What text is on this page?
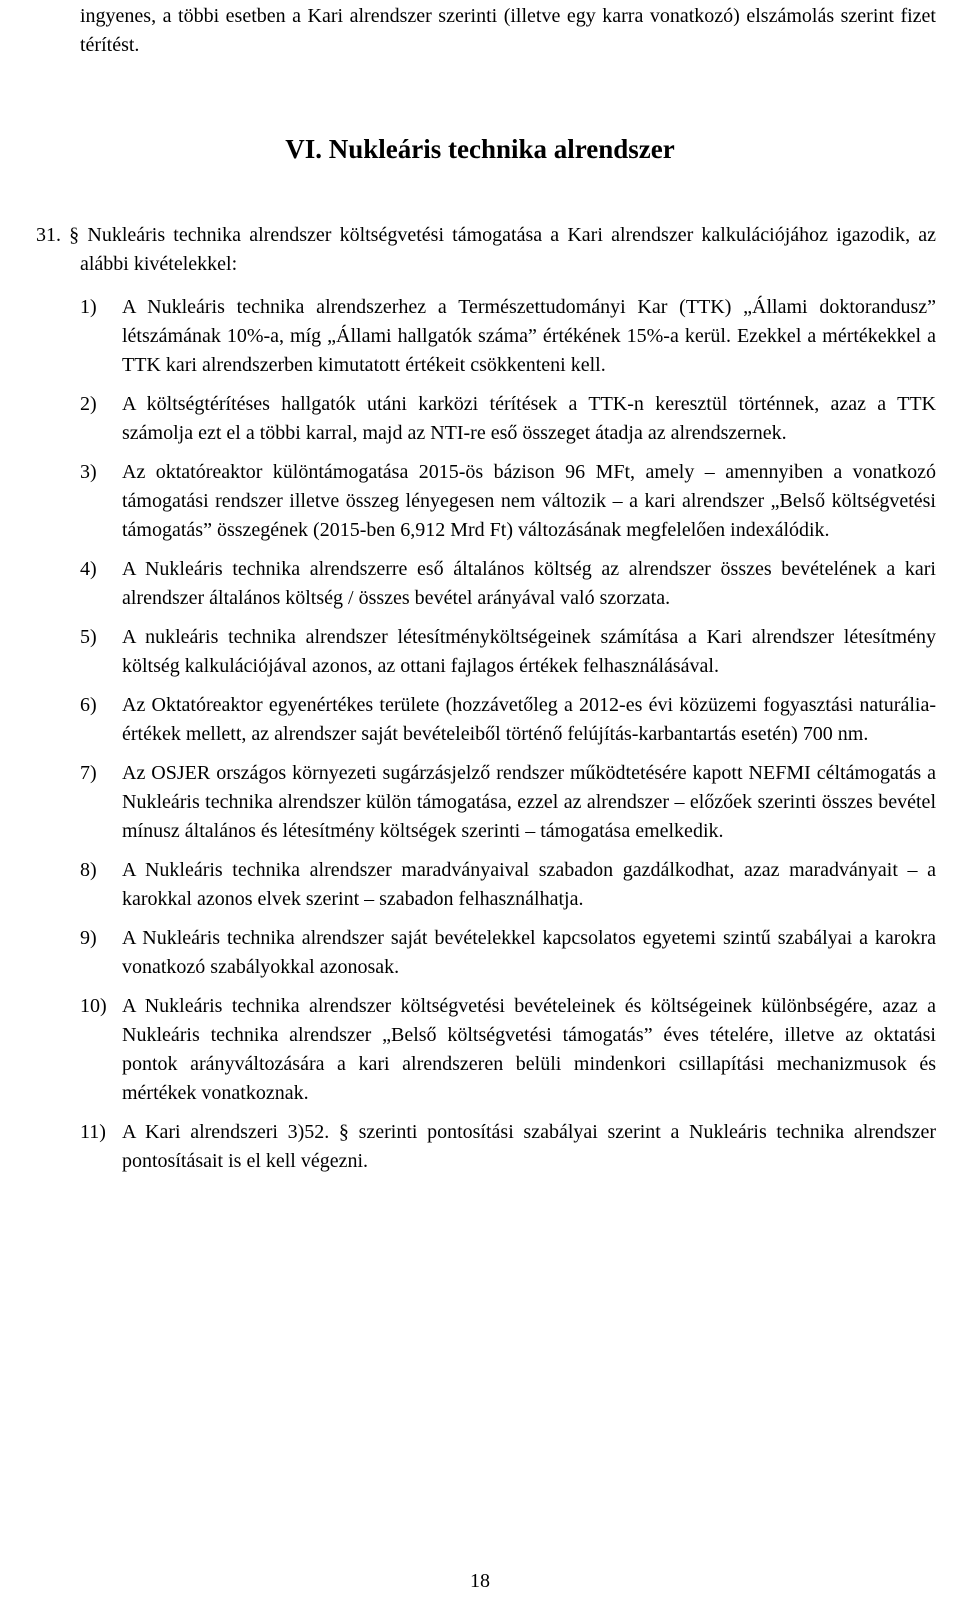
ingyenes, a többi esetben a Kari alrendszer szerinti (illetve egy karra vonatkozó) elszámolás szerint fizet térítést.
VI. Nukleáris technika alrendszer
31. § Nukleáris technika alrendszer költségvetési támogatása a Kari alrendszer kalkulációjához igazodik, az alábbi kivételekkel:
1) A Nukleáris technika alrendszerhez a Természettudományi Kar (TTK) „Állami doktorandusz” létszámának 10%-a, míg „Állami hallgatók száma” értékének 15%-a kerül. Ezekkel a mértékekkel a TTK kari alrendszerben kimutatott értékeit csökkenteni kell.
2) A költségtérítéses hallgatók utáni karközi térítések a TTK-n keresztül történnek, azaz a TTK számolja ezt el a többi karral, majd az NTI-re eső összeget átadja az alrendszernek.
3) Az oktatóreaktor különtámogatása 2015-ös bázison 96 MFt, amely – amennyiben a vonatkozó támogatási rendszer illetve összeg lényegesen nem változik – a kari alrendszer „Belső költségvetési támogatás” összegének (2015-ben 6,912 Mrd Ft) változásának megfelelően indexálódik.
4) A Nukleáris technika alrendszerre eső általános költség az alrendszer összes bevételének a kari alrendszer általános költség / összes bevétel arányával való szorzata.
5) A nukleáris technika alrendszer létesítményköltségeinek számítása a Kari alrendszer létesítmény költség kalkulációjával azonos, az ottani fajlagos értékek felhasználásával.
6) Az Oktatóreaktor egyenértékes területe (hozzávetőleg a 2012-es évi közüzemi fogyasztási naturália-értékek mellett, az alrendszer saját bevételeiből történő felújítás-karbantartás esetén) 700 nm.
7) Az OSJER országos környezeti sugárzásjelző rendszer működtetésére kapott NEFMI céltámogatás a Nukleáris technika alrendszer külön támogatása, ezzel az alrendszer – előzőek szerinti összes bevétel mínusz általános és létesítmény költségek szerinti – támogatása emelkedik.
8) A Nukleáris technika alrendszer maradványaival szabadon gazdálkodhat, azaz maradványait – a karokkal azonos elvek szerint – szabadon felhasználhatja.
9) A Nukleáris technika alrendszer saját bevételekkel kapcsolatos egyetemi szintű szabályai a karokra vonatkozó szabályokkal azonosak.
10) A Nukleáris technika alrendszer költségvetési bevételeinek és költségeinek különbségére, azaz a Nukleáris technika alrendszer „Belső költségvetési támogatás” éves tételére, illetve az oktatási pontok arányváltozására a kari alrendszeren belüli mindenkori csillapítási mechanizmusok és mértékek vonatkoznak.
11) A Kari alrendszeri 3)52. § szerinti pontosítási szabályai szerint a Nukleáris technika alrendszer pontosításait is el kell végezni.
18
